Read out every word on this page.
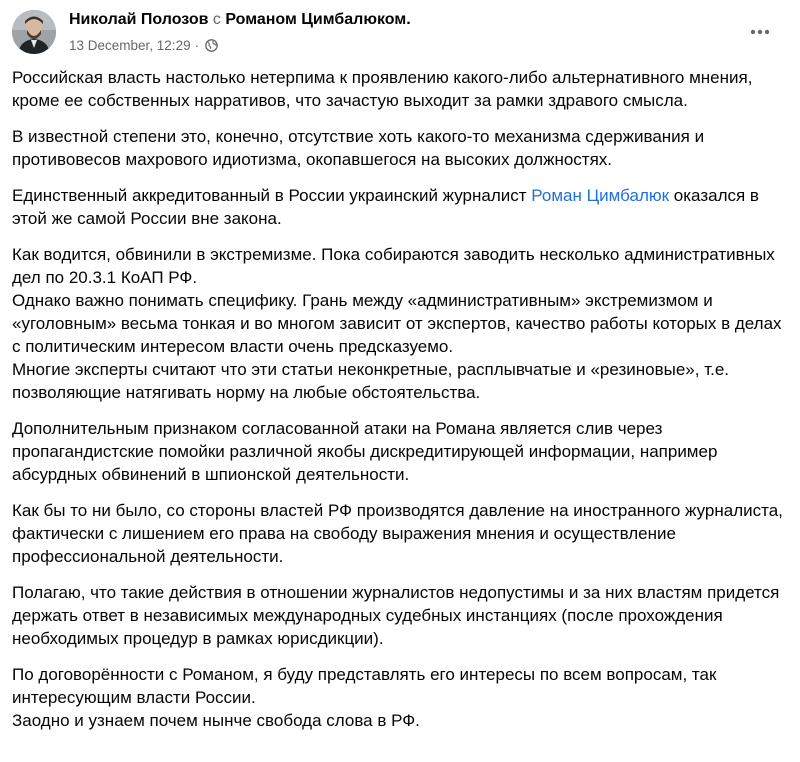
Николай Полозов с Романом Цимбалюком.
13 December, 12:29 ·

Российская власть настолько нетерпима к проявлению какого-либо альтернативного мнения, кроме ее собственных нарративов, что зачастую выходит за рамки здравого смысла.

В известной степени это, конечно, отсутствие хоть какого-то механизма сдерживания и противовесов махрового идиотизма, окопавшегося на высоких должностях.

Единственный аккредитованный в России украинский журналист Роман Цимбалюк оказался в этой же самой России вне закона.

Как водится, обвинили в экстремизме. Пока собираются заводить несколько административных дел по 20.3.1 КоАП РФ.
Однако важно понимать специфику. Грань между «административным» экстремизмом и «уголовным» весьма тонкая и во многом зависит от экспертов, качество работы которых в делах с политическим интересом власти очень предсказуемо.
Многие эксперты считают что эти статьи неконкретные, расплывчатые и «резиновые», т.е. позволяющие натягивать норму на любые обстоятельства.

Дополнительным признаком согласованной атаки на Романа является слив через пропагандистские помойки различной якобы дискредитирующей информации, например абсурдных обвинений в шпионской деятельности.

Как бы то ни было, со стороны властей РФ производятся давление на иностранного журналиста, фактически с лишением его права на свободу выражения мнения и осуществление профессиональной деятельности.

Полагаю, что такие действия в отношении журналистов недопустимы и за них властям придется держать ответ в независимых международных судебных инстанциях (после прохождения необходимых процедур в рамках юрисдикции).

По договорённости с Романом, я буду представлять его интересы по всем вопросам, так интересующим власти России.
Заодно и узнаем почем нынче свобода слова в РФ.
